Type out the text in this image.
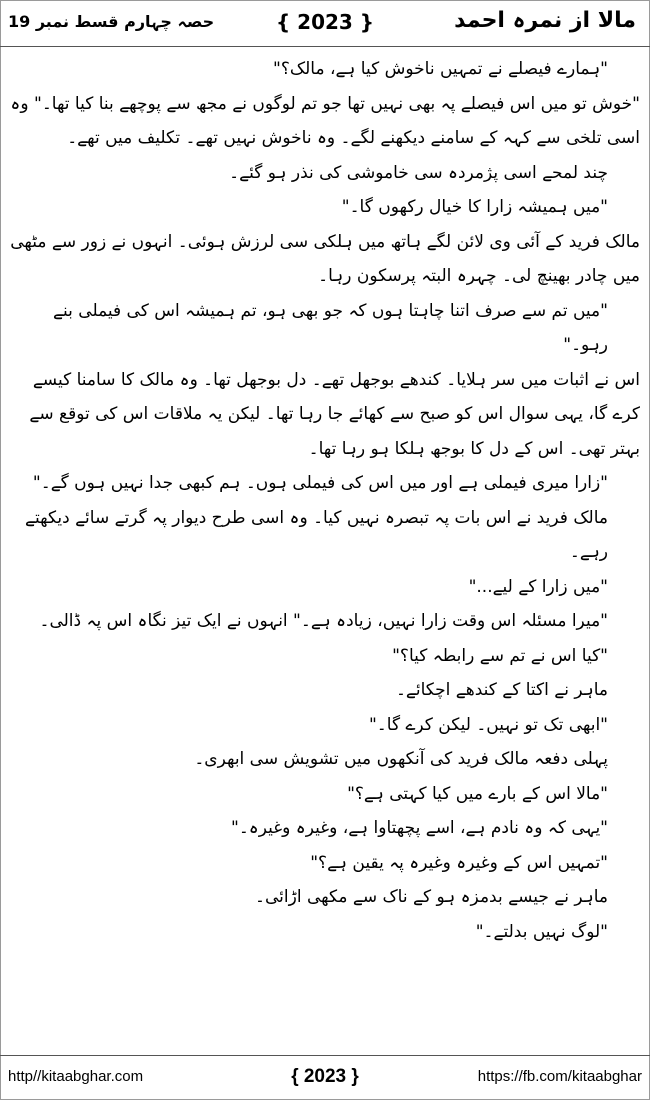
مالا از نمرہ احمد
{ 2023 }
حصہ چہارم قسط نمبر 19

"ہمارے فیصلے نے تمہیں ناخوش کیا ہے، مالک؟"

"خوش تو میں اس فیصلے پہ بھی نہیں تھا جو تم لوگوں نے مجھ سے پوچھے بنا کیا تھا۔" وہ اسی تلخی سے کہہ کے سامنے دیکھنے لگے۔ وہ ناخوش نہیں تھے۔ تکلیف میں تھے۔

چند لمحے اسی پژمردہ سی خاموشی کی نذر ہو گئے۔

"میں ہمیشہ زارا کا خیال رکھوں گا۔"

مالک فرید کے آئی وی لائن لگے ہاتھ میں ہلکی سی لرزش ہوئی۔ انہوں نے زور سے مٹھی میں چادر بھینچ لی۔ چہرہ البتہ پرسکون رہا۔

"میں تم سے صرف اتنا چاہتا ہوں کہ جو بھی ہو، تم ہمیشہ اس کی فیملی بنے رہو۔"

اس نے اثبات میں سر ہلایا۔ کندھے بوجھل تھے۔ دل بوجھل تھا۔ وہ مالک کا سامنا کیسے کرے گا، یہی سوال اس کو صبح سے کھائے جا رہا تھا۔ لیکن یہ ملاقات اس کی توقع سے بہتر تھی۔ اس کے دل کا بوجھ ہلکا ہو رہا تھا۔

"زارا میری فیملی ہے اور میں اس کی فیملی ہوں۔ ہم کبھی جدا نہیں ہوں گے۔"

مالک فرید نے اس بات پہ تبصرہ نہیں کیا۔ وہ اسی طرح دیوار پہ گرتے سائے دیکھتے رہے۔

"میں زارا کے لیے..."

"میرا مسئلہ اس وقت زارا نہیں، زیادہ ہے۔" انہوں نے ایک تیز نگاہ اس پہ ڈالی۔

"کیا اس نے تم سے رابطہ کیا؟"

ماہر نے اکتا کے کندھے اچکائے۔

"ابھی تک تو نہیں۔ لیکن کرے گا۔"

پہلی دفعہ مالک فرید کی آنکھوں میں تشویش سی ابھری۔

"مالا اس کے بارے میں کیا کہتی ہے؟"

"یہی کہ وہ نادم ہے، اسے پچھتاوا ہے، وغیرہ وغیرہ۔"

"تمہیں اس کے وغیرہ وغیرہ پہ یقین ہے؟"

ماہر نے جیسے بدمزہ ہو کے ناک سے مکھی اڑائی۔

"لوگ نہیں بدلتے۔"

http//kitaabghar.com	{ 2023 }	https://fb.com/kitaabghar
